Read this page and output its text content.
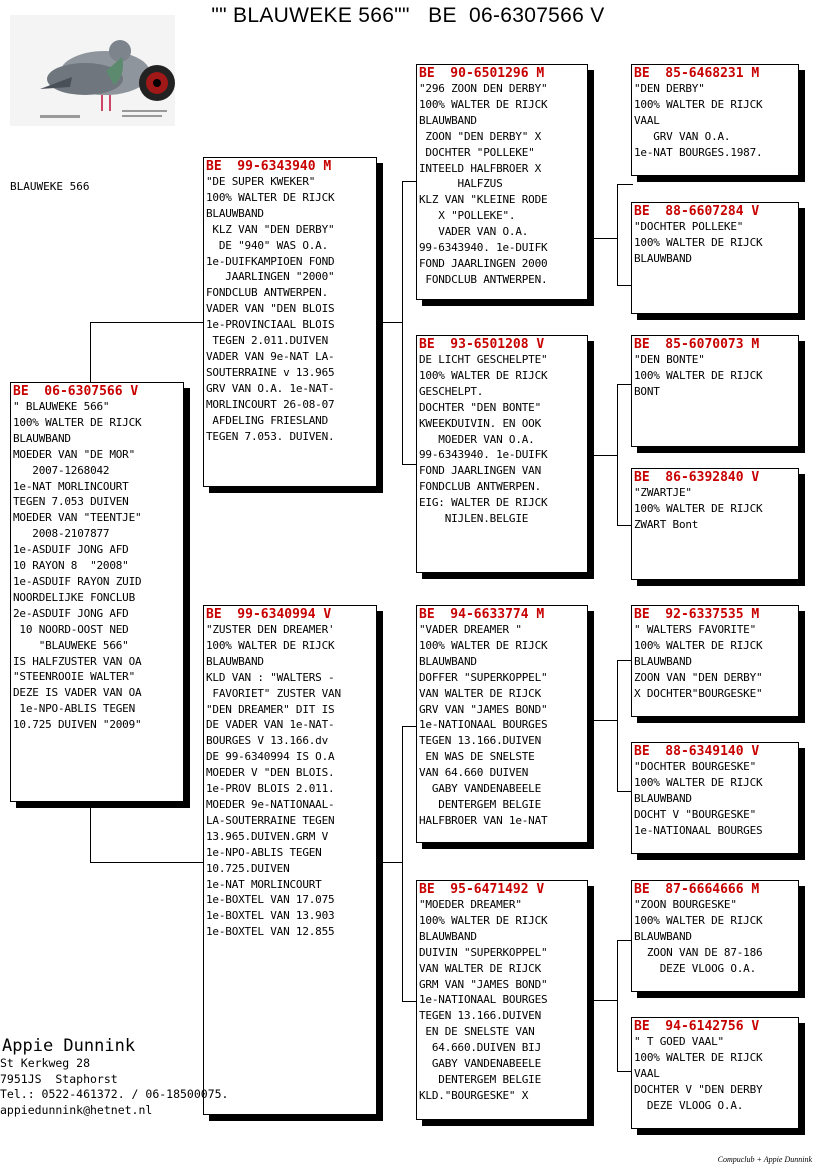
"" BLAUWEKE 566""   BE  06-6307566 V
BLAUWEKE 566
BE  06-6307566 V
" BLAUWEKE 566"
100% WALTER DE RIJCK
BLAUWBAND
MOEDER VAN "DE MOR"
2007-1268042
1e-NAT MORLINCOURT
TEGEN 7.053 DUIVEN
MOEDER VAN "TEENTJE"
2008-2107877
1e-ASDUIF JONG AFD
10 RAYON 8  "2008"
1e-ASDUIF RAYON ZUID
NOORDELIJKE FONCLUB
2e-ASDUIF JONG AFD
10 NOORD-OOST NED
"BLAUWEKE 566"
IS HALFZUSTER VAN OA
"STEENROOIE WALTER"
DEZE IS VADER VAN OA
1e-NPO-ABLIS TEGEN
10.725 DUIVEN "2009"
BE  99-6343940 M
"DE SUPER KWEKER"
100% WALTER DE RIJCK
BLAUWBAND
KLZ VAN "DEN DERBY"
DE "940" WAS O.A.
1e-DUIFKAMPIOEN FOND
JAARLINGEN "2000"
FONDCLUB ANTWERPEN.
VADER VAN "DEN BLOIS
1e-PROVINCIAAL BLOIS
TEGEN 2.011.DUIVEN
VADER VAN 9e-NAT LA-
SOUTERRAINE v 13.965
GRV VAN O.A. 1e-NAT-
MORLINCOURT 26-08-07
AFDELING FRIESLAND
TEGEN 7.053. DUIVEN.
BE  99-6340994 V
"ZUSTER DEN DREAMER'
100% WALTER DE RIJCK
BLAUWBAND
KLD VAN : "WALTERS -
FAVORIET" ZUSTER VAN
"DEN DREAMER" DIT IS
DE VADER VAN 1e-NAT-
BOURGES V 13.166.dv
DE 99-6340994 IS O.A
MOEDER V "DEN BLOIS.
1e-PROV BLOIS 2.011.
MOEDER 9e-NATIONAAL-
LA-SOUTERRAINE TEGEN
13.965.DUIVEN.GRM V
1e-NPO-ABLIS TEGEN
10.725.DUIVEN
1e-NAT MORLINCOURT
1e-BOXTEL VAN 17.075
1e-BOXTEL VAN 13.903
1e-BOXTEL VAN 12.855
BE  90-6501296 M
"296 ZOON DEN DERBY"
100% WALTER DE RIJCK
BLAUWBAND
ZOON "DEN DERBY" X
DOCHTER "POLLEKE"
INTEELD HALFBROER X
HALFZUS
KLZ VAN "KLEINE RODE
X "POLLEKE".
VADER VAN O.A.
99-6343940. 1e-DUIFK
FOND JAARLINGEN 2000
FONDCLUB ANTWERPEN.
BE  93-6501208 V
DE LICHT GESCHELPTE"
100% WALTER DE RIJCK
GESCHELPT.
DOCHTER "DEN BONTE"
KWEEKDUIVIN. EN OOK
MOEDER VAN O.A.
99-6343940. 1e-DUIFK
FOND JAARLINGEN VAN
FONDCLUB ANTWERPEN.
EIG: WALTER DE RIJCK
NIJLEN.BELGIE
BE  94-6633774 M
"VADER DREAMER "
100% WALTER DE RIJCK
BLAUWBAND
DOFFER "SUPERKOPPEL"
VAN WALTER DE RIJCK
GRV VAN "JAMES BOND"
1e-NATIONAAL BOURGES
TEGEN 13.166.DUIVEN
EN WAS DE SNELSTE
VAN 64.660 DUIVEN
GABY VANDENABEELE
DENTERGEM BELGIE
HALFBROER VAN 1e-NAT
BE  95-6471492 V
"MOEDER DREAMER"
100% WALTER DE RIJCK
BLAUWBAND
DUIVIN "SUPERKOPPEL"
VAN WALTER DE RIJCK
GRM VAN "JAMES BOND"
1e-NATIONAAL BOURGES
TEGEN 13.166.DUIVEN
EN DE SNELSTE VAN
64.660.DUIVEN BIJ
GABY VANDENABEELE
DENTERGEM BELGIE
KLD."BOURGESKE" X
BE  85-6468231 M
"DEN DERBY"
100% WALTER DE RIJCK
VAAL
GRV VAN O.A.
1e-NAT BOURGES.1987.
BE  88-6607284 V
"DOCHTER POLLEKE"
100% WALTER DE RIJCK
BLAUWBAND
BE  85-6070073 M
"DEN BONTE"
100% WALTER DE RIJCK
BONT
BE  86-6392840 V
"ZWARTJE"
100% WALTER DE RIJCK
ZWART Bont
BE  92-6337535 M
" WALTERS FAVORITE"
100% WALTER DE RIJCK
BLAUWBAND
ZOON VAN "DEN DERBY"
X DOCHTER"BOURGESKE"
BE  88-6349140 V
"DOCHTER BOURGESKE"
100% WALTER DE RIJCK
BLAUWBAND
DOCHT V "BOURGESKE"
1e-NATIONAAL BOURGES
BE  87-6664666 M
"ZOON BOURGESKE"
100% WALTER DE RIJCK
BLAUWBAND
ZOON VAN DE 87-186
DEZE VLOOG O.A.
BE  94-6142756 V
" T GOED VAAL"
100% WALTER DE RIJCK
VAAL
DOCHTER V "DEN DERBY
DEZE VLOOG O.A.
Appie Dunnink
St Kerkweg 28
7951JS  Staphorst
Tel.: 0522-461372. / 06-18500075.
appiedunnink@hetnet.nl
Compuclub + Appie Dunnink
